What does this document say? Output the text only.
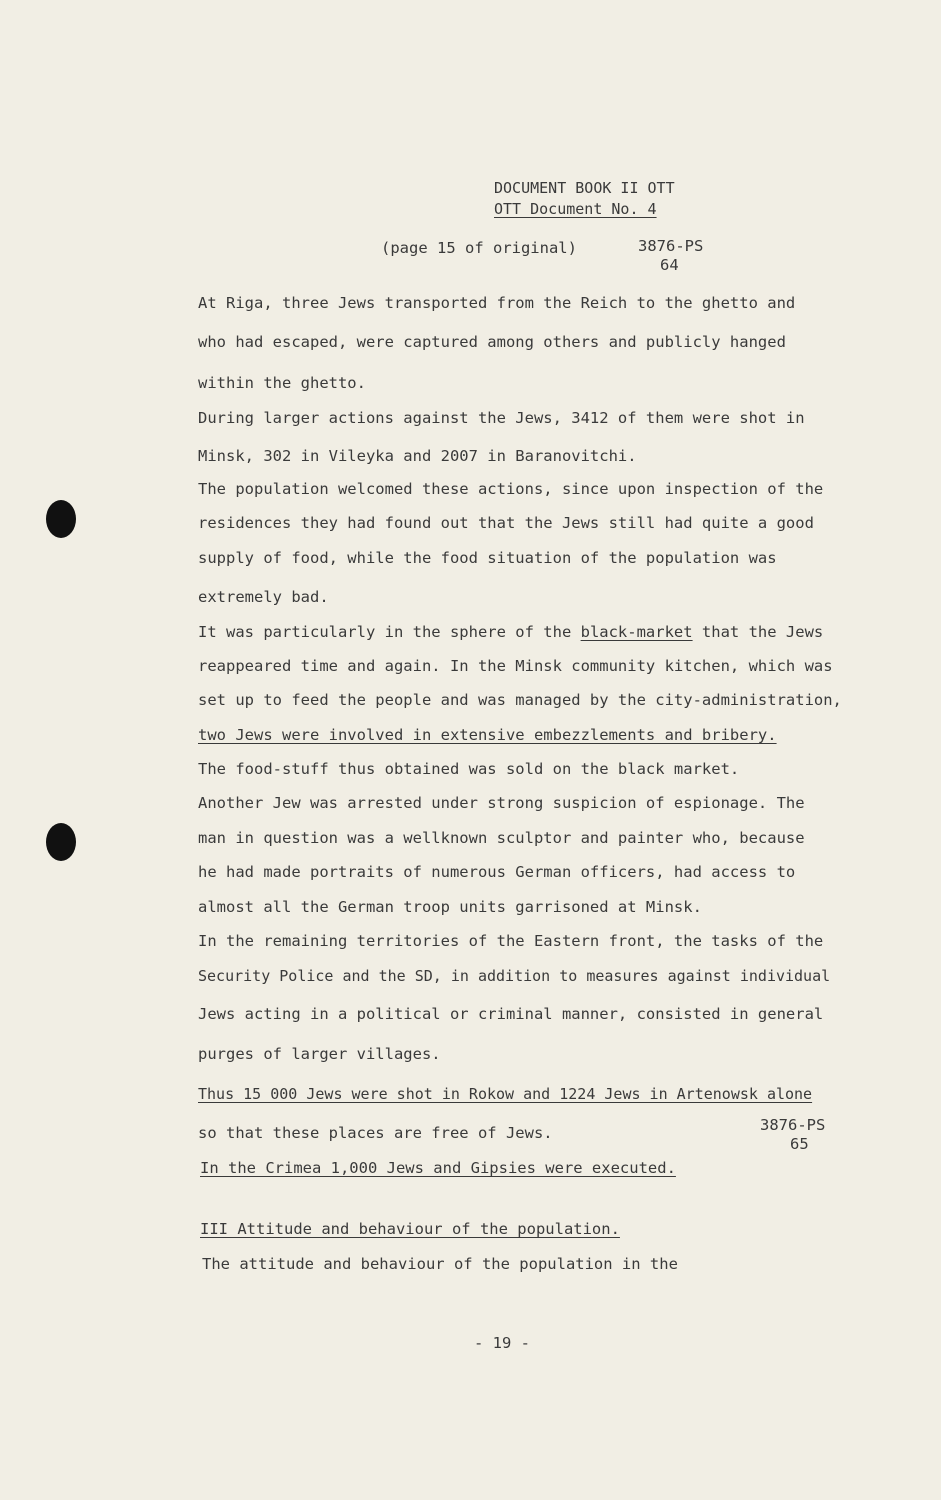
DOCUMENT BOOK II OTT
OTT Document No. 4
(page 15 of original)	3876-PS
64
At Riga, three Jews transported from the Reich to the ghetto and
who had escaped, were captured among others and publicly hanged
within the ghetto.
During larger actions against the Jews, 3412 of them were shot in
Minsk, 302 in Vileyka and 2007 in Baranovitchi.
The population welcomed these actions, since upon inspection of the
residences they had found out that the Jews still had quite a good
supply of food, while the food situation of the population was
extremely bad.
It was particularly in the sphere of the black-market that the Jews
reappeared time and again. In the Minsk community kitchen, which was
set up to feed the people and was managed by the city-administration,
two Jews were involved in extensive embezzlements and bribery.
The food-stuff thus obtained was sold on the black market.
Another Jew was arrested under strong suspicion of espionage. The
man in question was a wellknown sculptor and painter who, because
he had made portraits of numerous German officers, had access to
almost all the German troop units garrisoned at Minsk.
In the remaining territories of the Eastern front, the tasks of the
Security Police and the SD, in addition to measures against individual
Jews acting in a political or criminal manner, consisted in general
purges of larger villages.
Thus 15 000 Jews were shot in Rokow and 1224 Jews in Artenowsk alone
so that these places are free of Jews.	3876-PS
65
In the Crimea 1,000 Jews and Gipsies were executed.
III Attitude and behaviour of the population.
The attitude and behaviour of the population in the
- 19 -
